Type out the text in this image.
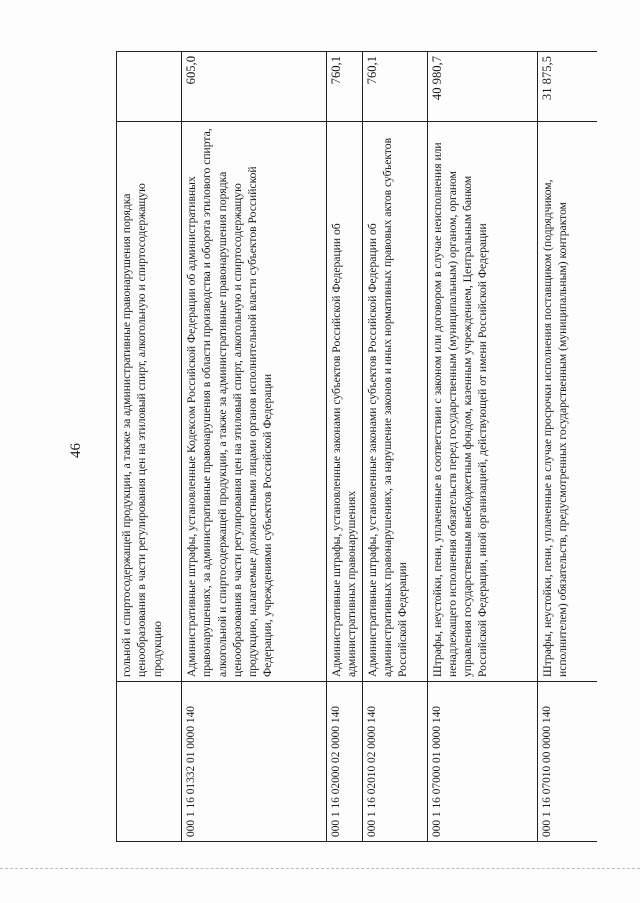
46
		гольной и спиртосодержащей продукции, а также за административные правонарушения порядка ценообразования в части регулирования цен на этиловый спирт, алкогольную и спиртосодержащую продукцию	
000 1 16 01332 01 0000 140	Административные штрафы, установленные Кодексом Российской Федерации об административных правонарушениях, за административные правонарушения в области производства и оборота этилового спирта, алкогольной и спиртосодержащей продукции, а также за административные правонарушения порядка ценообразования в части регулирования цен на этиловый спирт, алкогольную и спиртосодержащую продукцию, налагаемые должностными лицами органов исполнительной власти субъектов Российской Федерации, учреждениями субъектов Российской Федерации	605,0
000 1 16 02000 02 0000 140	Административные штрафы, установленные законами субъектов Российской Федерации об административных правонарушениях	760,1
000 1 16 02010 02 0000 140	Административные штрафы, установленные законами субъектов Российской Федерации об административных правонарушениях, за нарушение законов и иных нормативных правовых актов субъектов Российской Федерации	760,1
000 1 16 07000 01 0000 140	Штрафы, неустойки, пени, уплаченные в соответствии с законом или договором в случае неисполнения или ненадлежащего исполнения обязательств перед государственным (муниципальным) органом, органом управления государственным внебюджетным фондом, казенным учреждением, Центральным банком Российской Федерации, иной организацией, действующей от имени Российской Федерации	40 980,7
000 1 16 07010 00 0000 140	Штрафы, неустойки, пени, уплаченные в случае просрочки исполнения поставщиком (подрядчиком, исполнителем) обязательств, предусмотренных государственным (муниципальным) контрактом	31 875,5
